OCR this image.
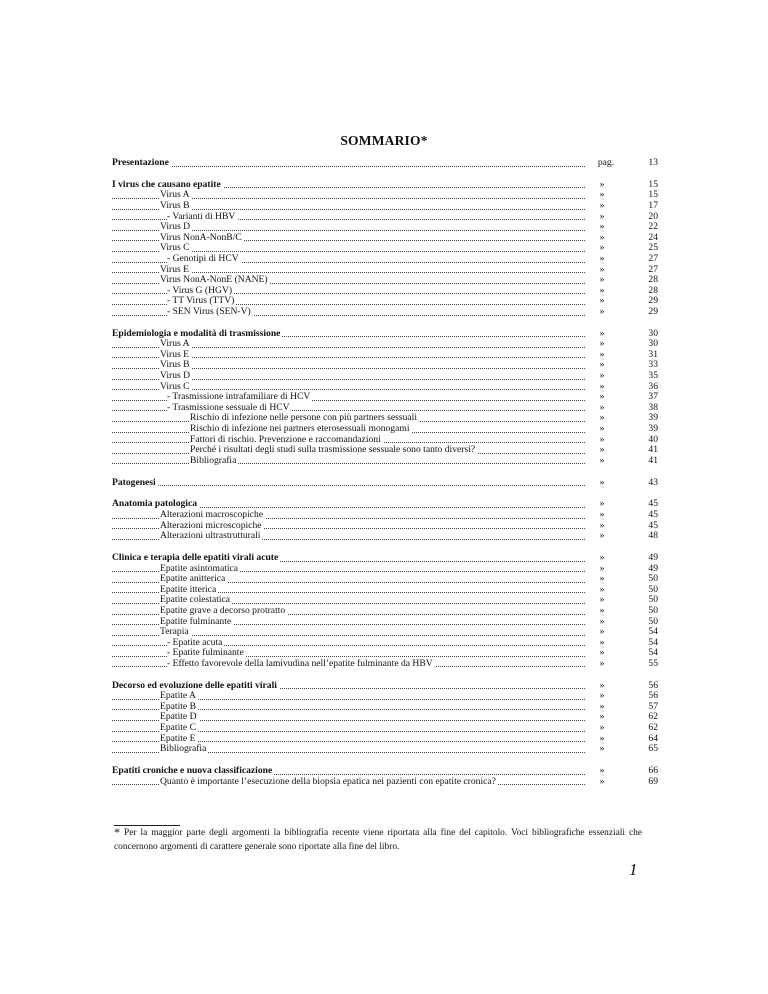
SOMMARIO*
Presentazione	pag.	13
I virus che causano epatite	»	15
Virus A	»	15
Virus B	»	17
- Varianti di HBV	»	20
Virus D	»	22
Virus NonA-NonB/C	»	24
Virus C	»	25
- Genotipi di HCV	»	27
Virus E	»	27
Virus NonA-NonE (NANE)	»	28
- Virus G (HGV)	»	28
- TT Virus (TTV)	»	29
- SEN Virus (SEN-V)	»	29
Epidemiologia e modalità di trasmissione	»	30
Virus A	»	30
Virus E	»	31
Virus B	»	33
Virus D	»	35
Virus C	»	36
- Trasmissione intrafamiliare di HCV	»	37
- Trasmissione sessuale di HCV	»	38
Rischio di infezione nelle persone con più partners sessuali	»	39
Rischio di infezione nei partners eterosessuali monogami	»	39
Fattori di rischio. Prevenzione e raccomandazioni	»	40
Perché i risultati degli studi sulla trasmissione sessuale sono tanto diversi?	»	41
Bibliografia	»	41
Patogenesi	»	43
Anatomia patologica	»	45
Alterazioni macroscopiche	»	45
Alterazioni microscopiche	»	45
Alterazioni ultrastrutturali	»	48
Clinica e terapia delle epatiti virali acute	»	49
Epatite asintomatica	»	49
Epatite anitterica	»	50
Epatite itterica	»	50
Epatite colestatica	»	50
Epatite grave a decorso protratto	»	50
Epatite fulminante	»	50
Terapia	»	54
- Epatite acuta	»	54
- Epatite fulminante	»	54
- Effetto favorevole della lamivudina nell’epatite fulminante da HBV	»	55
Decorso ed evoluzione delle epatiti virali	»	56
Epatite A	»	56
Epatite B	»	57
Epatite D	»	62
Epatite C	»	62
Epatite E	»	64
Bibliografia	»	65
Epatiti croniche e nuova classificazione	»	66
Quanto è importante l’esecuzione della biopsia epatica nei pazienti con epatite cronica?	»	69
* Per la maggior parte degli argomenti la bibliografia recente viene riportata alla fine del capitolo. Voci bibliografiche essenziali che concernono argomenti di carattere generale sono riportate alla fine del libro.
1
